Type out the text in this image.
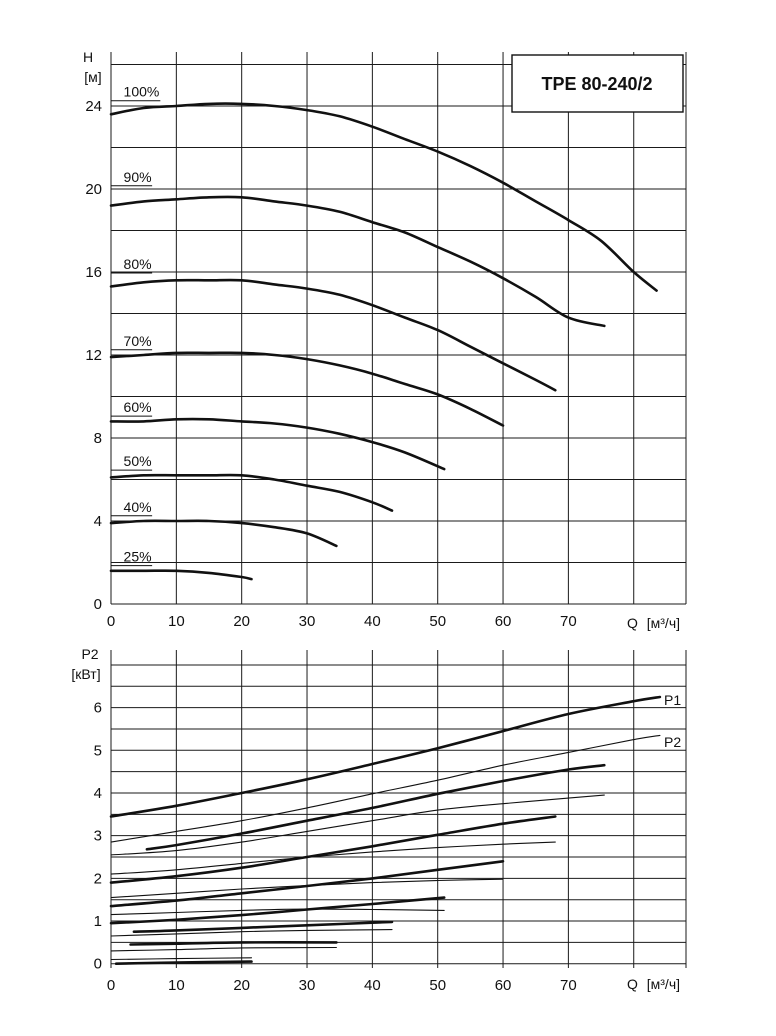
100%
90%
80%
70%
60%
50%
40%
25%
0	10	20	30	40	50	60	70
0
4
8
12
16
20
24
H
[м]
Q [м³/ч]
TPE 80-240/2
0	10	20	30	40	50	60	70
0
1
2
3
4
5
6
P2
[кВт]
Q [м³/ч]
P1
P2
